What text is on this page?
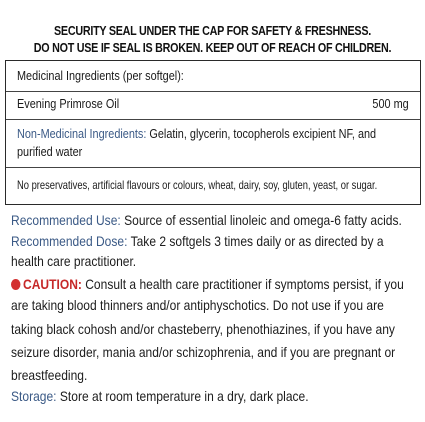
SECURITY SEAL UNDER THE CAP FOR SAFETY & FRESHNESS.
DO NOT USE IF SEAL IS BROKEN. KEEP OUT OF REACH OF CHILDREN.
Medicinal Ingredients (per softgel):
Evening Primrose Oil	500 mg
Non-Medicinal Ingredients: Gelatin, glycerin, tocopherols excipient NF, and
purified water
No preservatives, artificial flavours or colours, wheat, dairy, soy, gluten, yeast, or sugar.
Recommended Use: Source of essential linoleic and omega-6 fatty acids.
Recommended Dose: Take 2 softgels 3 times daily or as directed by a
health care practitioner.
CAUTION: Consult a health care practitioner if symptoms persist, if you
are taking blood thinners and/or antiphyschotics. Do not use if you are
taking black cohosh and/or chasteberry, phenothiazines, if you have any
seizure disorder, mania and/or schizophrenia, and if you are pregnant or
breastfeeding.
Storage: Store at room temperature in a dry, dark place.
